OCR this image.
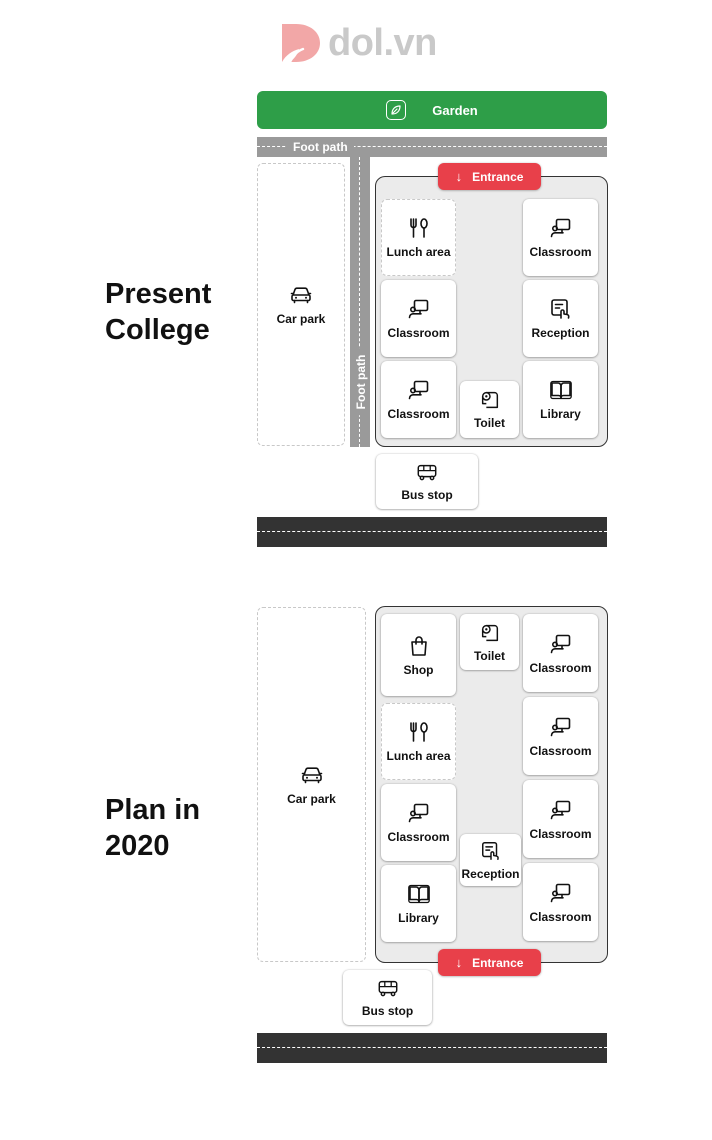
dol.vn
Present
College
Garden
Foot path
Foot path
Car park
↓ Entrance
Lunch area	Classroom
Classroom	Reception
Classroom
Toilet
Library
Bus stop
Plan in
2020
Car park
Shop
Toilet
Classroom
Lunch area	Classroom
Classroom
Reception
Classroom
Library	Classroom
↓ Entrance
Bus stop
